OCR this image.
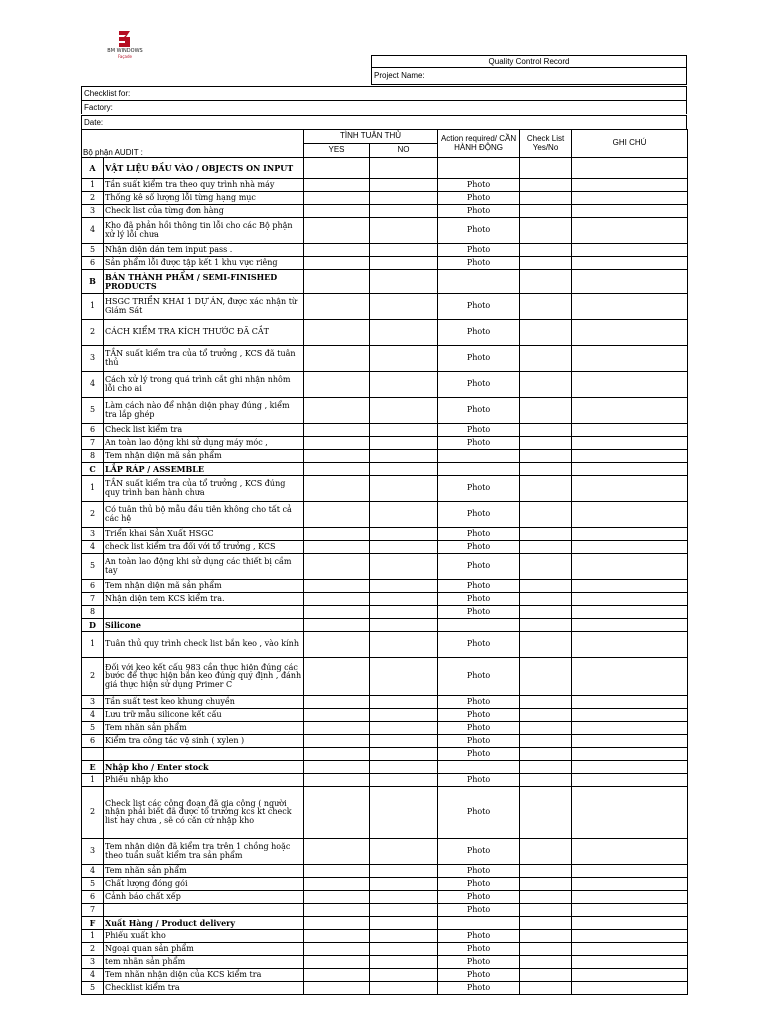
BM WINDOWS
Façade
Quality Control Record
Project Name:
Checklist for:
Factory:
Date:
Bộ phận AUDIT :		TÌNH TUÂN THỦ		Action required/ CẦN HÀNH ĐỘNG	Check List Yes/No	GHI CHÚ
		YES	NO			
A	VẬT LIỆU ĐẦU VÀO / OBJECTS ON INPUT					
1	Tần suất kiểm tra theo quy trình nhà máy			Photo		
2	Thống kê số lượng lỗi từng hạng mục			Photo		
3	Check list của từng đơn hàng			Photo		
4	Kho đã phản hồi thông tin lỗi cho các Bộ phận xử lý lỗi chưa			Photo		
5	Nhận diện dán tem input pass .			Photo		
6	Sản phẩm lỗi được tập kết 1 khu vực riêng			Photo		
B	BÁN THÀNH PHẨM / SEMI-FINISHED PRODUCTS					
1	HSGC TRIỂN KHAI 1 DỰ ÁN, được xác nhận từ Giám Sát			Photo		
2	CÁCH KIỂM TRA KÍCH THƯỚC ĐÃ CẮT			Photo		
3	TẦN suất kiểm tra của tổ trưởng , KCS đã tuân thủ			Photo		
4	Cách xử lý trong quá trình cắt ghi nhận nhôm lỗi cho ai			Photo		
5	Làm cách nào để nhận diện phay đúng , kiểm tra lắp ghép			Photo		
6	Check list kiểm tra			Photo		
7	An toàn lao động khi sử dụng máy móc ,			Photo		
8	Tem nhận diện mã sản phẩm					
C	LẮP RÁP / ASSEMBLE					
1	TẦN suất kiểm tra của tổ trưởng , KCS đúng quy trình ban hành chưa			Photo		
2	Có tuân thủ bộ mẫu đầu tiên không cho tất cả các hệ			Photo		
3	Triển khai Sản Xuất HSGC			Photo		
4	check list kiểm tra đối với tổ trưởng , KCS			Photo		
5	An toàn lao động khi sử dụng các thiết bị cầm tay			Photo		
6	Tem nhận diện mã sản phẩm			Photo		
7	Nhận diện tem KCS kiểm tra.			Photo		
8				Photo		
D	Silicone					
1	Tuân thủ quy trình check list bắn keo , vào kính			Photo		
2	Đối với keo kết cấu 983 cần thực hiện đúng các bước để thực hiện bắn keo đúng quy định , đánh giá thực hiện sử dụng Primer C			Photo		
3	Tần suất test keo khung chuyền			Photo		
4	Lưu trữ mẫu silicone kết cấu			Photo		
5	Tem nhãn sản phẩm			Photo		
6	Kiểm tra công tác vệ sinh ( xylen )			Photo		
				Photo		
E	Nhập kho / Enter stock					
1	Phiếu nhập kho			Photo		
2	Check list các công đoạn đã gia công ( người nhận phải biết đã được tổ trưởng kcs kt check list hay chưa , sẽ có căn cứ nhập kho			Photo		
3	Tem nhận diện đã kiểm tra trên 1 chồng hoặc theo tuần suất kiểm tra sản phẩm			Photo		
4	Tem nhãn sản phẩm			Photo		
5	Chất lượng đóng gói			Photo		
6	Cảnh báo chất xếp			Photo		
7				Photo		
F	Xuất Hàng / Product delivery					
1	Phiếu xuất kho			Photo		
2	Ngoại quan sản phẩm			Photo		
3	tem nhãn sản phẩm			Photo		
4	Tem nhãn nhận diện của KCS kiểm tra			Photo		
5	Checklist kiểm tra			Photo		
